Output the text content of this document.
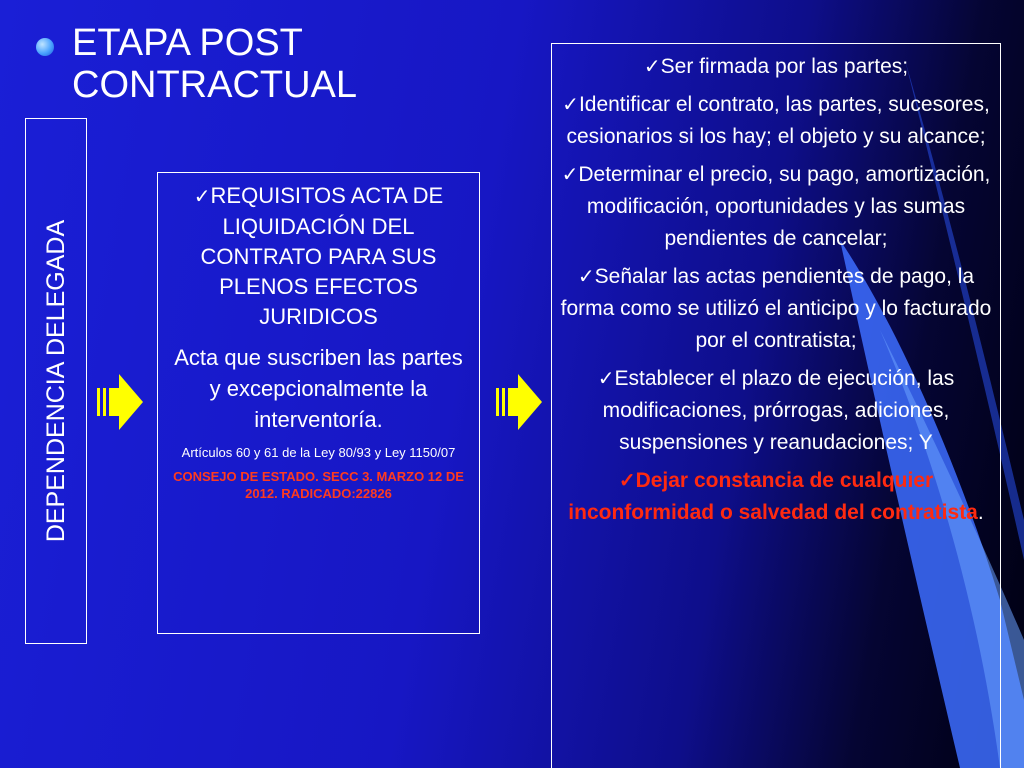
ETAPA POST CONTRACTUAL
DEPENDENCIA DELEGADA

✓REQUISITOS ACTA DE LIQUIDACIÓN DEL CONTRATO PARA SUS PLENOS EFECTOS JURIDICOS

Acta que suscriben las partes y excepcionalmente la interventoría.

Artículos 60 y 61 de la Ley 80/93 y Ley 1150/07

CONSEJO DE ESTADO. SECC 3. MARZO 12 DE 2012. RADICADO:22826

✓Ser firmada por las partes;

✓Identificar el contrato, las partes, sucesores, cesionarios si los hay; el objeto y su alcance;

✓Determinar el precio, su pago, amortización, modificación, oportunidades y las sumas pendientes de cancelar;

✓Señalar las actas pendientes de pago, la forma como se utilizó el anticipo y lo facturado por el contratista;

✓Establecer el plazo de ejecución, las modificaciones, prórrogas, adiciones, suspensiones y reanudaciones; Y

✓Dejar constancia de cualquier inconformidad o salvedad del contratista.
